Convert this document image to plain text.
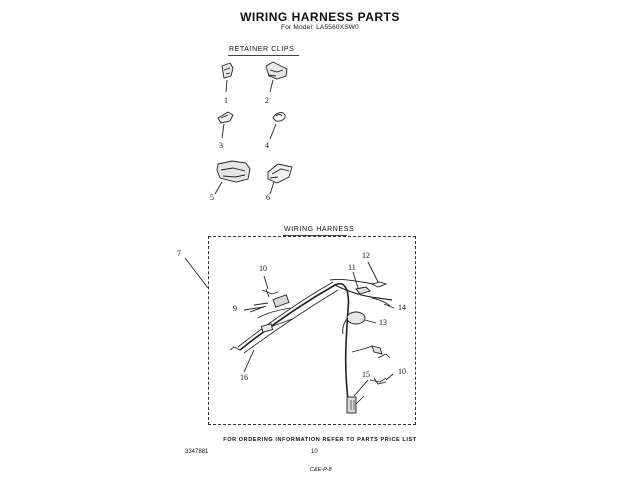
WIRING HARNESS PARTS
For Model: LA5560XSW0
RETAINER CLIPS
1	2
3	4
5	6
WIRING HARNESS
7
10	11
12
9	14
13
16	15	10
FOR ORDERING INFORMATION REFER TO PARTS PRICE LIST
3347881	10
C&E-P-8
